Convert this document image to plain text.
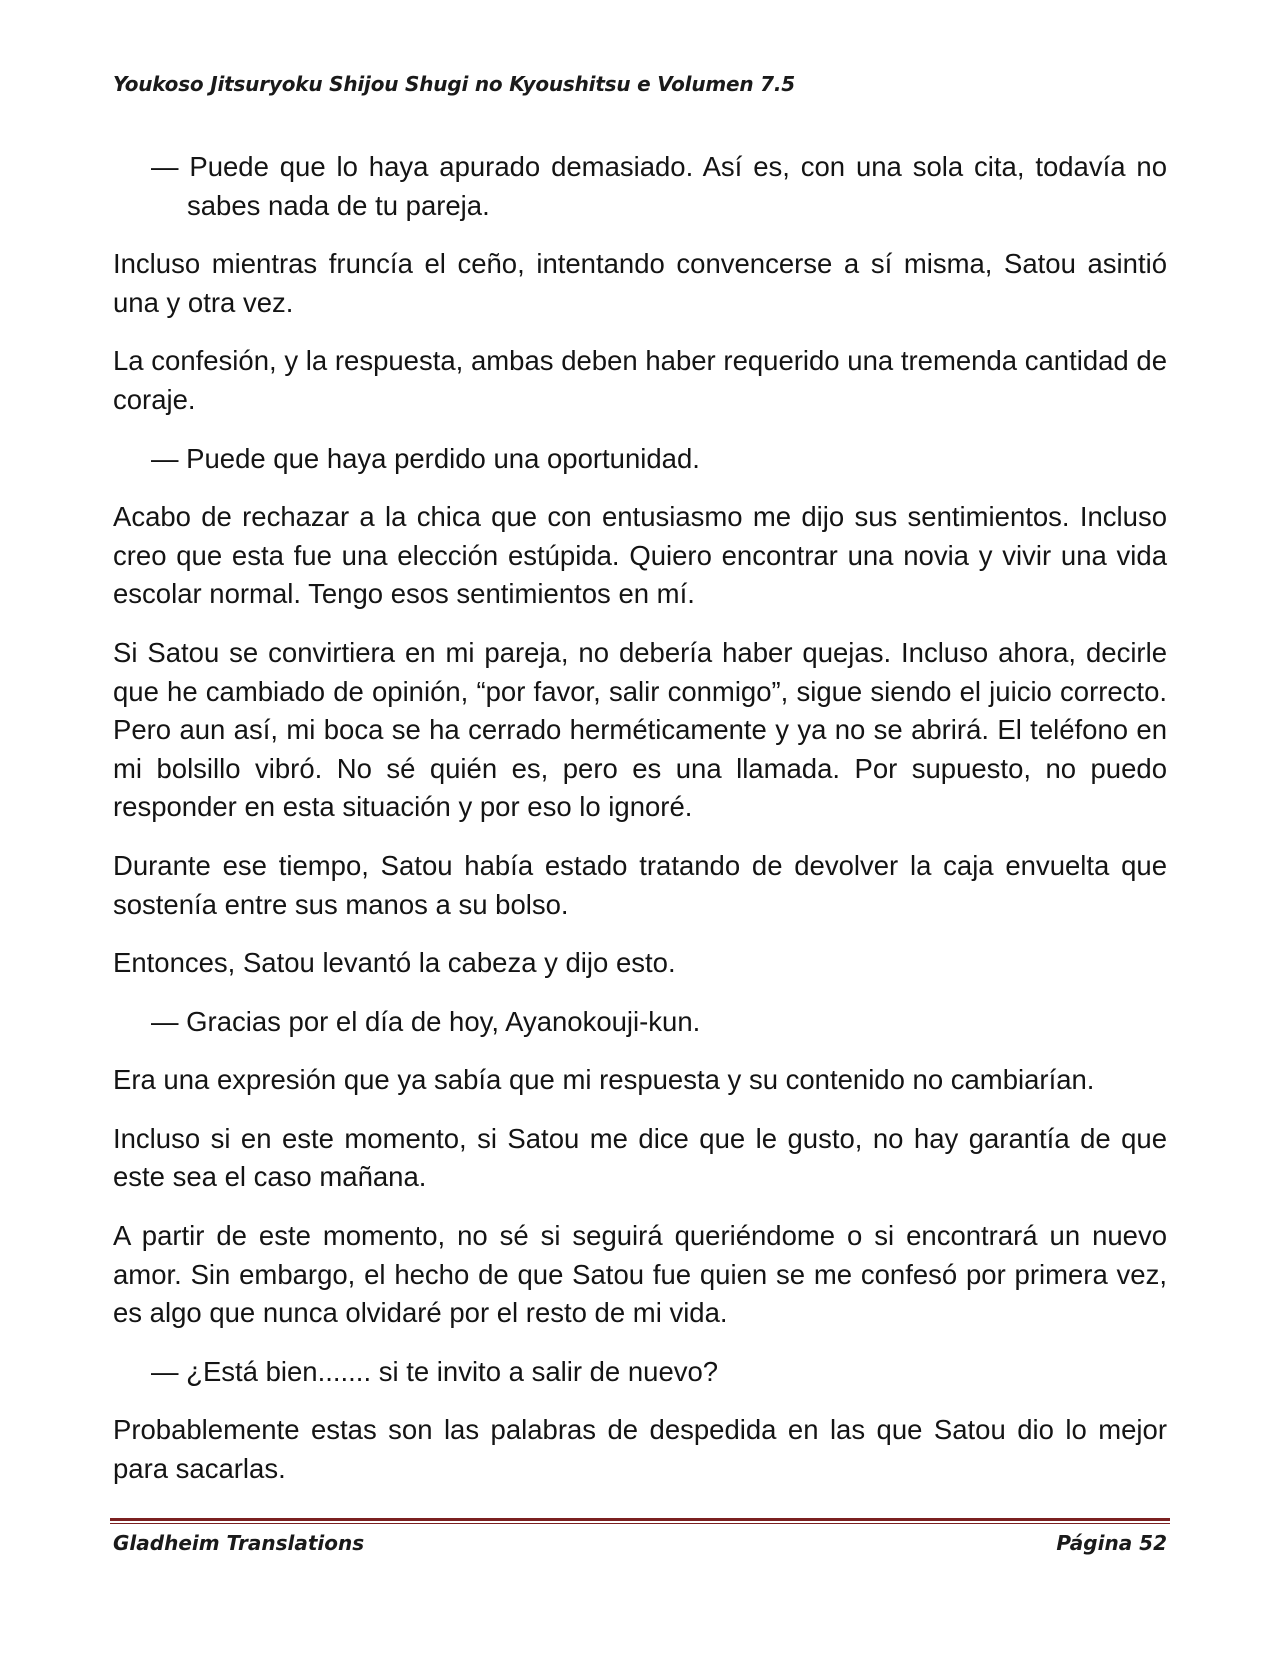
Youkoso Jitsuryoku Shijou Shugi no Kyoushitsu e Volumen 7.5

— Puede que lo haya apurado demasiado. Así es, con una sola cita, todavía no sabes nada de tu pareja.

Incluso mientras fruncía el ceño, intentando convencerse a sí misma, Satou asintió una y otra vez.

La confesión, y la respuesta, ambas deben haber requerido una tremenda cantidad de coraje.

— Puede que haya perdido una oportunidad.

Acabo de rechazar a la chica que con entusiasmo me dijo sus sentimientos. Incluso creo que esta fue una elección estúpida. Quiero encontrar una novia y vivir una vida escolar normal. Tengo esos sentimientos en mí.

Si Satou se convirtiera en mi pareja, no debería haber quejas. Incluso ahora, decirle que he cambiado de opinión, “por favor, salir conmigo”, sigue siendo el juicio correcto. Pero aun así, mi boca se ha cerrado herméticamente y ya no se abrirá. El teléfono en mi bolsillo vibró. No sé quién es, pero es una llamada. Por supuesto, no puedo responder en esta situación y por eso lo ignoré.

Durante ese tiempo, Satou había estado tratando de devolver la caja envuelta que sostenía entre sus manos a su bolso.

Entonces, Satou levantó la cabeza y dijo esto.

— Gracias por el día de hoy, Ayanokouji-kun.

Era una expresión que ya sabía que mi respuesta y su contenido no cambiarían.

Incluso si en este momento, si Satou me dice que le gusto, no hay garantía de que este sea el caso mañana.

A partir de este momento, no sé si seguirá queriéndome o si encontrará un nuevo amor. Sin embargo, el hecho de que Satou fue quien se me confesó por primera vez, es algo que nunca olvidaré por el resto de mi vida.

— ¿Está bien....... si te invito a salir de nuevo?

Probablemente estas son las palabras de despedida en las que Satou dio lo mejor para sacarlas.

Gladheim Translations	Página 52
